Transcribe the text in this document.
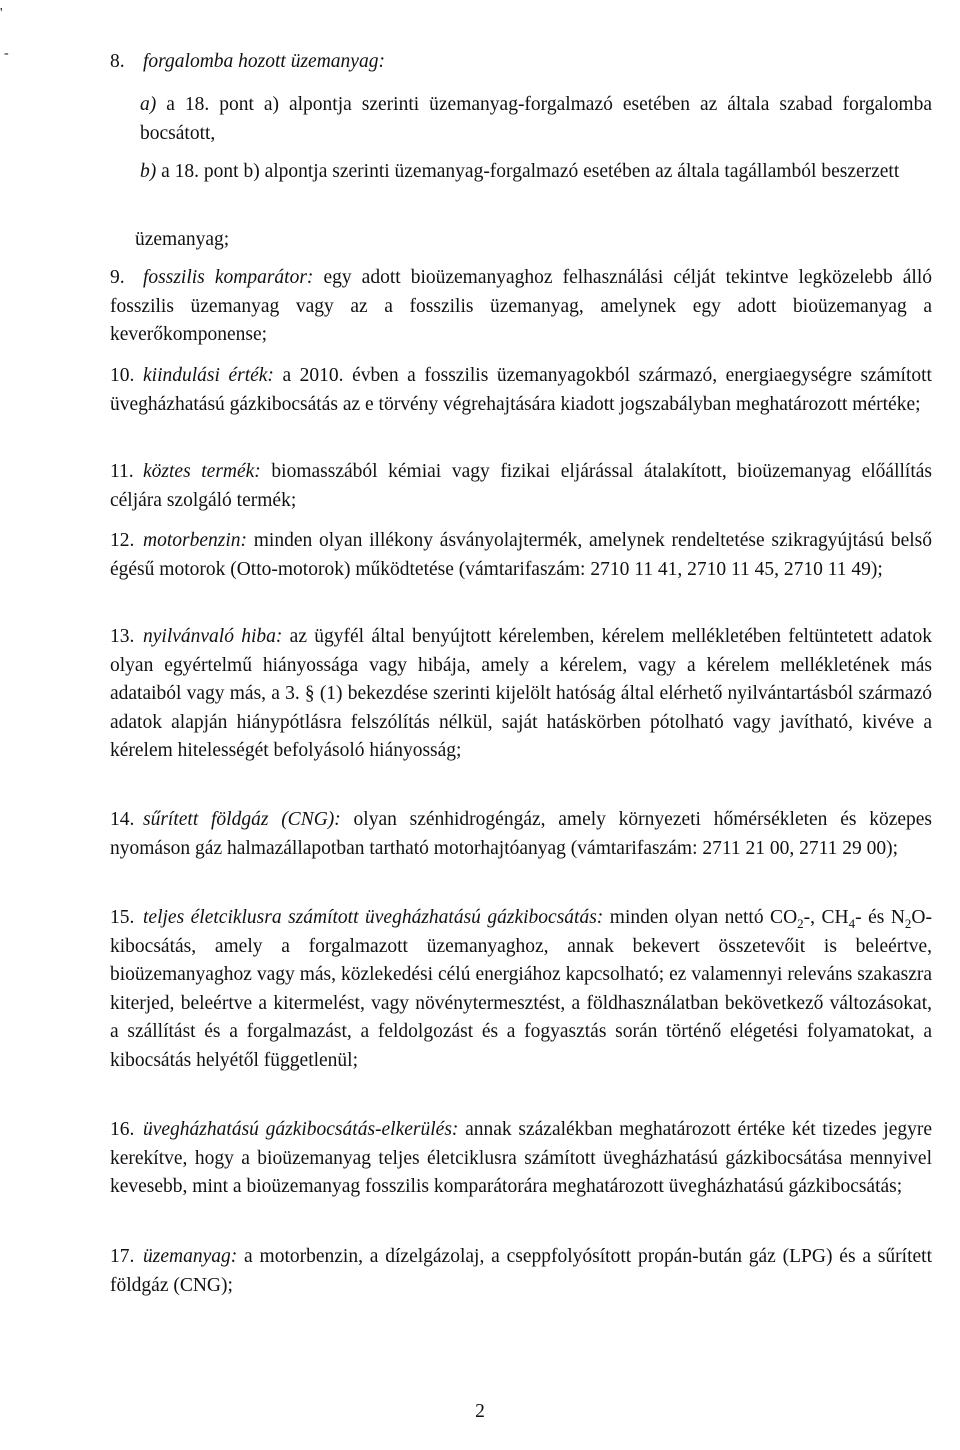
'
-	8. forgalomba hozott üzemanyag:
a) a 18. pont a) alpontja szerinti üzemanyag-forgalmazó esetében az általa szabad forgalomba bocsátott,
b) a 18. pont b) alpontja szerinti üzemanyag-forgalmazó esetében az általa tagállamból beszerzett
üzemanyag;
9. fosszilis komparátor: egy adott bioüzemanyaghoz felhasználási célját tekintve legközelebb álló fosszilis üzemanyag vagy az a fosszilis üzemanyag, amelynek egy adott bioüzemanyag a keverőkomponense;
10. kiindulási érték: a 2010. évben a fosszilis üzemanyagokból származó, energiaegységre számított üvegházhatású gázkibocsátás az e törvény végrehajtására kiadott jogszabályban meghatározott mértéke;
11. köztes termék: biomasszából kémiai vagy fizikai eljárással átalakított, bioüzemanyag előállítás céljára szolgáló termék;
12. motorbenzin: minden olyan illékony ásványolajtermék, amelynek rendeltetése szikragyújtású belső égésű motorok (Otto-motorok) működtetése (vámtarifaszám: 2710 11 41, 2710 11 45, 2710 11 49);
13. nyilvánvaló hiba: az ügyfél által benyújtott kérelemben, kérelem mellékletében feltüntetett adatok olyan egyértelmű hiányossága vagy hibája, amely a kérelem, vagy a kérelem mellékletének más adataiból vagy más, a 3. § (1) bekezdése szerinti kijelölt hatóság által elérhető nyilvántartásból származó adatok alapján hiánypótlásra felszólítás nélkül, saját hatáskörben pótolható vagy javítható, kivéve a kérelem hitelességét befolyásoló hiányosság;
14. sűrített földgáz (CNG): olyan szénhidrogéngáz, amely környezeti hőmérsékleten és közepes nyomáson gáz halmazállapotban tartható motorhajtóanyag (vámtarifaszám: 2711 21 00, 2711 29 00);
15. teljes életciklusra számított üvegházhatású gázkibocsátás: minden olyan nettó $CO_2-$, $CH_4-$ és $N_2O$-kibocsátás, amely a forgalmazott üzemanyaghoz, annak bekevert összetevőit is beleértve, bioüzemanyaghoz vagy más, közlekedési célú energiához kapcsolható; ez valamennyi releváns szakaszra kiterjed, beleértve a kitermelést, vagy növénytermesztést, a földhasználatban bekövetkező változásokat, a szállítást és a forgalmazást, a feldolgozást és a fogyasztás során történő elégetési folyamatokat, a kibocsátás helyétől függetlenül;
16. üvegházhatású gázkibocsátás-elkerülés: annak százalékban meghatározott értéke két tizedes jegyre kerekítve, hogy a bioüzemanyag teljes életciklusra számított üvegházhatású gázkibocsátása mennyivel kevesebb, mint a bioüzemanyag fosszilis komparátorára meghatározott üvegházhatású gázkibocsátás;
17. üzemanyag: a motorbenzin, a dízelgázolaj, a cseppfolyósított propán-bután gáz (LPG) és a sűrített földgáz (CNG);
2
